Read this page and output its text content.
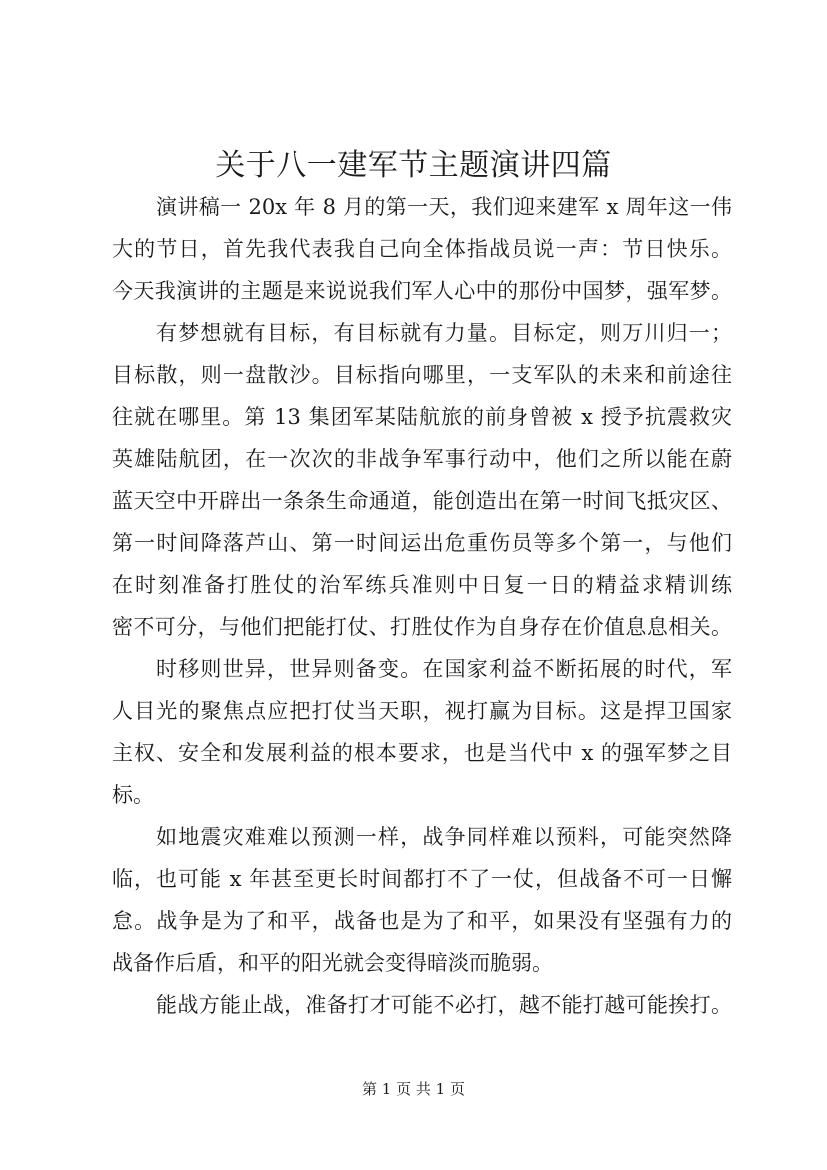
关于八一建军节主题演讲四篇
演讲稿一 20x 年 8 月的第一天，我们迎来建军 x 周年这一伟
大的节日，首先我代表我自己向全体指战员说一声：节日快乐。
今天我演讲的主题是来说说我们军人心中的那份中国梦，强军梦。
有梦想就有目标，有目标就有力量。目标定，则万川归一；
目标散，则一盘散沙。目标指向哪里，一支军队的未来和前途往
往就在哪里。第 13 集团军某陆航旅的前身曾被 x 授予抗震救灾
英雄陆航团，在一次次的非战争军事行动中，他们之所以能在蔚
蓝天空中开辟出一条条生命通道，能创造出在第一时间飞抵灾区、
第一时间降落芦山、第一时间运出危重伤员等多个第一，与他们
在时刻准备打胜仗的治军练兵准则中日复一日的精益求精训练
密不可分，与他们把能打仗、打胜仗作为自身存在价值息息相关。
时移则世异，世异则备变。在国家利益不断拓展的时代，军
人目光的聚焦点应把打仗当天职，视打赢为目标。这是捍卫国家
主权、安全和发展利益的根本要求，也是当代中 x 的强军梦之目
标。
如地震灾难难以预测一样，战争同样难以预料，可能突然降
临，也可能 x 年甚至更长时间都打不了一仗，但战备不可一日懈
怠。战争是为了和平，战备也是为了和平，如果没有坚强有力的
战备作后盾，和平的阳光就会变得暗淡而脆弱。
能战方能止战，准备打才可能不必打，越不能打越可能挨打。
第 1 页 共 1 页
